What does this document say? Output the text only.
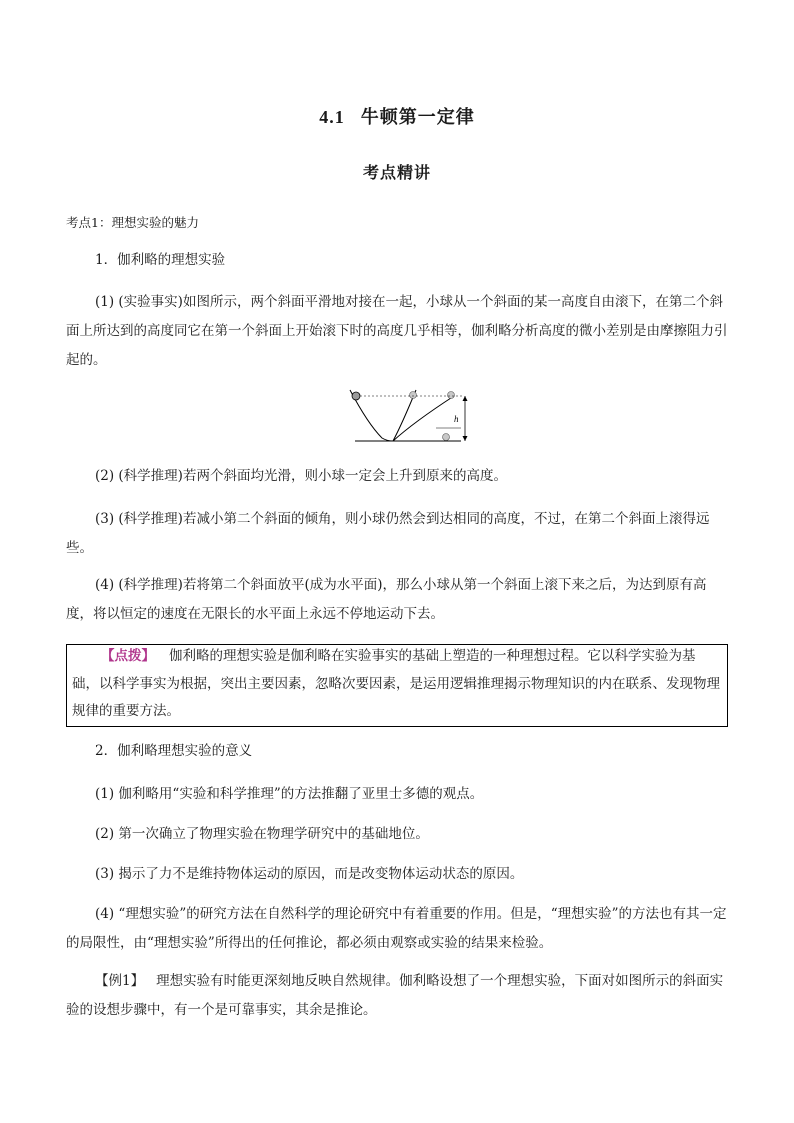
4.1 牛顿第一定律
考点精讲
考点1：理想实验的魅力
1．伽利略的理想实验
(1) (实验事实)如图所示，两个斜面平滑地对接在一起，小球从一个斜面的某一高度自由滚下，在第二个斜面上所达到的高度同它在第一个斜面上开始滚下时的高度几乎相等，伽利略分析高度的微小差别是由摩擦阻力引起的。
h
(2) (科学推理)若两个斜面均光滑，则小球一定会上升到原来的高度。
(3) (科学推理)若减小第二个斜面的倾角，则小球仍然会到达相同的高度，不过，在第二个斜面上滚得远些。
(4) (科学推理)若将第二个斜面放平(成为水平面)，那么小球从第一个斜面上滚下来之后，为达到原有高度，将以恒定的速度在无限长的水平面上永远不停地运动下去。
【点拨】 伽利略的理想实验是伽利略在实验事实的基础上塑造的一种理想过程。它以科学实验为基础，以科学事实为根据，突出主要因素，忽略次要因素，是运用逻辑推理揭示物理知识的内在联系、发现物理规律的重要方法。
2．伽利略理想实验的意义
(1) 伽利略用“实验和科学推理”的方法推翻了亚里士多德的观点。
(2) 第一次确立了物理实验在物理学研究中的基础地位。
(3) 揭示了力不是维持物体运动的原因，而是改变物体运动状态的原因。
(4) “理想实验”的研究方法在自然科学的理论研究中有着重要的作用。但是，“理想实验”的方法也有其一定的局限性，由“理想实验”所得出的任何推论，都必须由观察或实验的结果来检验。
【例1】 理想实验有时能更深刻地反映自然规律。伽利略设想了一个理想实验，下面对如图所示的斜面实验的设想步骤中，有一个是可靠事实，其余是推论。
